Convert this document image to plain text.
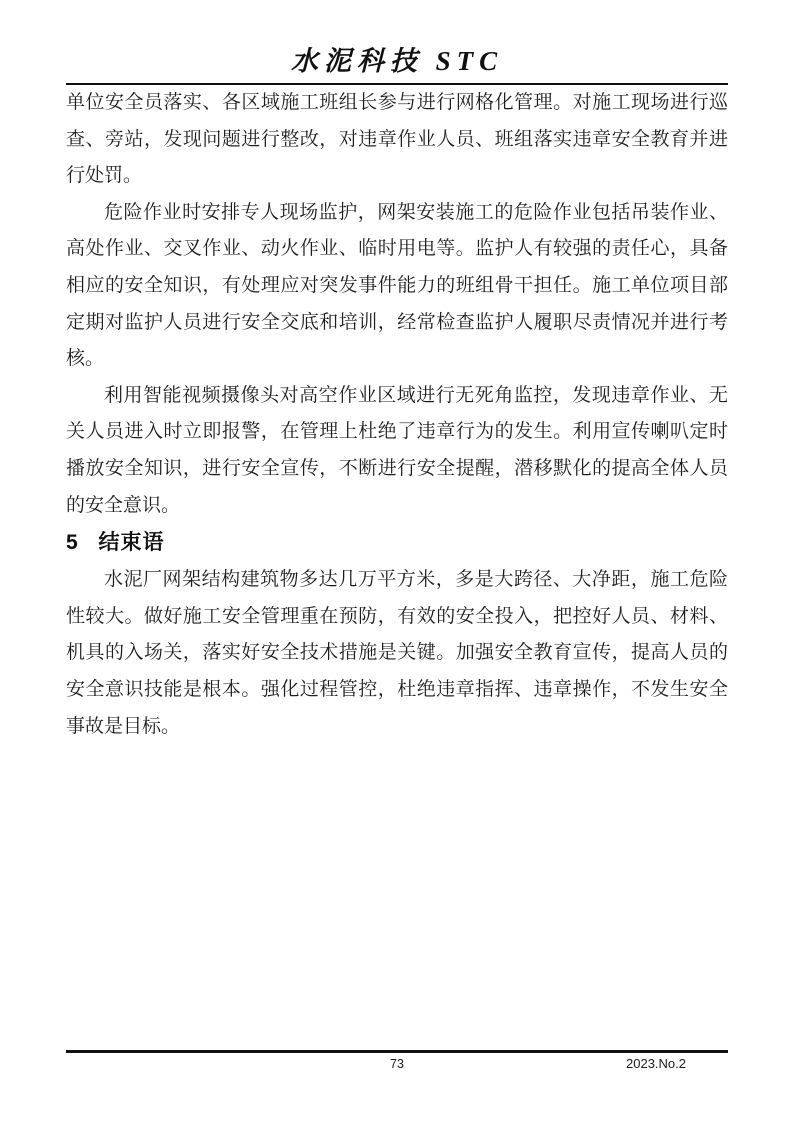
水泥科技 STC

单位安全员落实、各区域施工班组长参与进行网格化管理。对施工现场进行巡查、旁站，发现问题进行整改，对违章作业人员、班组落实违章安全教育并进行处罚。

危险作业时安排专人现场监护，网架安装施工的危险作业包括吊装作业、高处作业、交叉作业、动火作业、临时用电等。监护人有较强的责任心，具备相应的安全知识，有处理应对突发事件能力的班组骨干担任。施工单位项目部定期对监护人员进行安全交底和培训，经常检查监护人履职尽责情况并进行考核。

利用智能视频摄像头对高空作业区域进行无死角监控，发现违章作业、无关人员进入时立即报警，在管理上杜绝了违章行为的发生。利用宣传喇叭定时播放安全知识，进行安全宣传，不断进行安全提醒，潜移默化的提高全体人员的安全意识。

5 结束语

水泥厂网架结构建筑物多达几万平方米，多是大跨径、大净距，施工危险性较大。做好施工安全管理重在预防，有效的安全投入，把控好人员、材料、机具的入场关，落实好安全技术措施是关键。加强安全教育宣传，提高人员的安全意识技能是根本。强化过程管控，杜绝违章指挥、违章操作，不发生安全事故是目标。

73	2023.No.2
